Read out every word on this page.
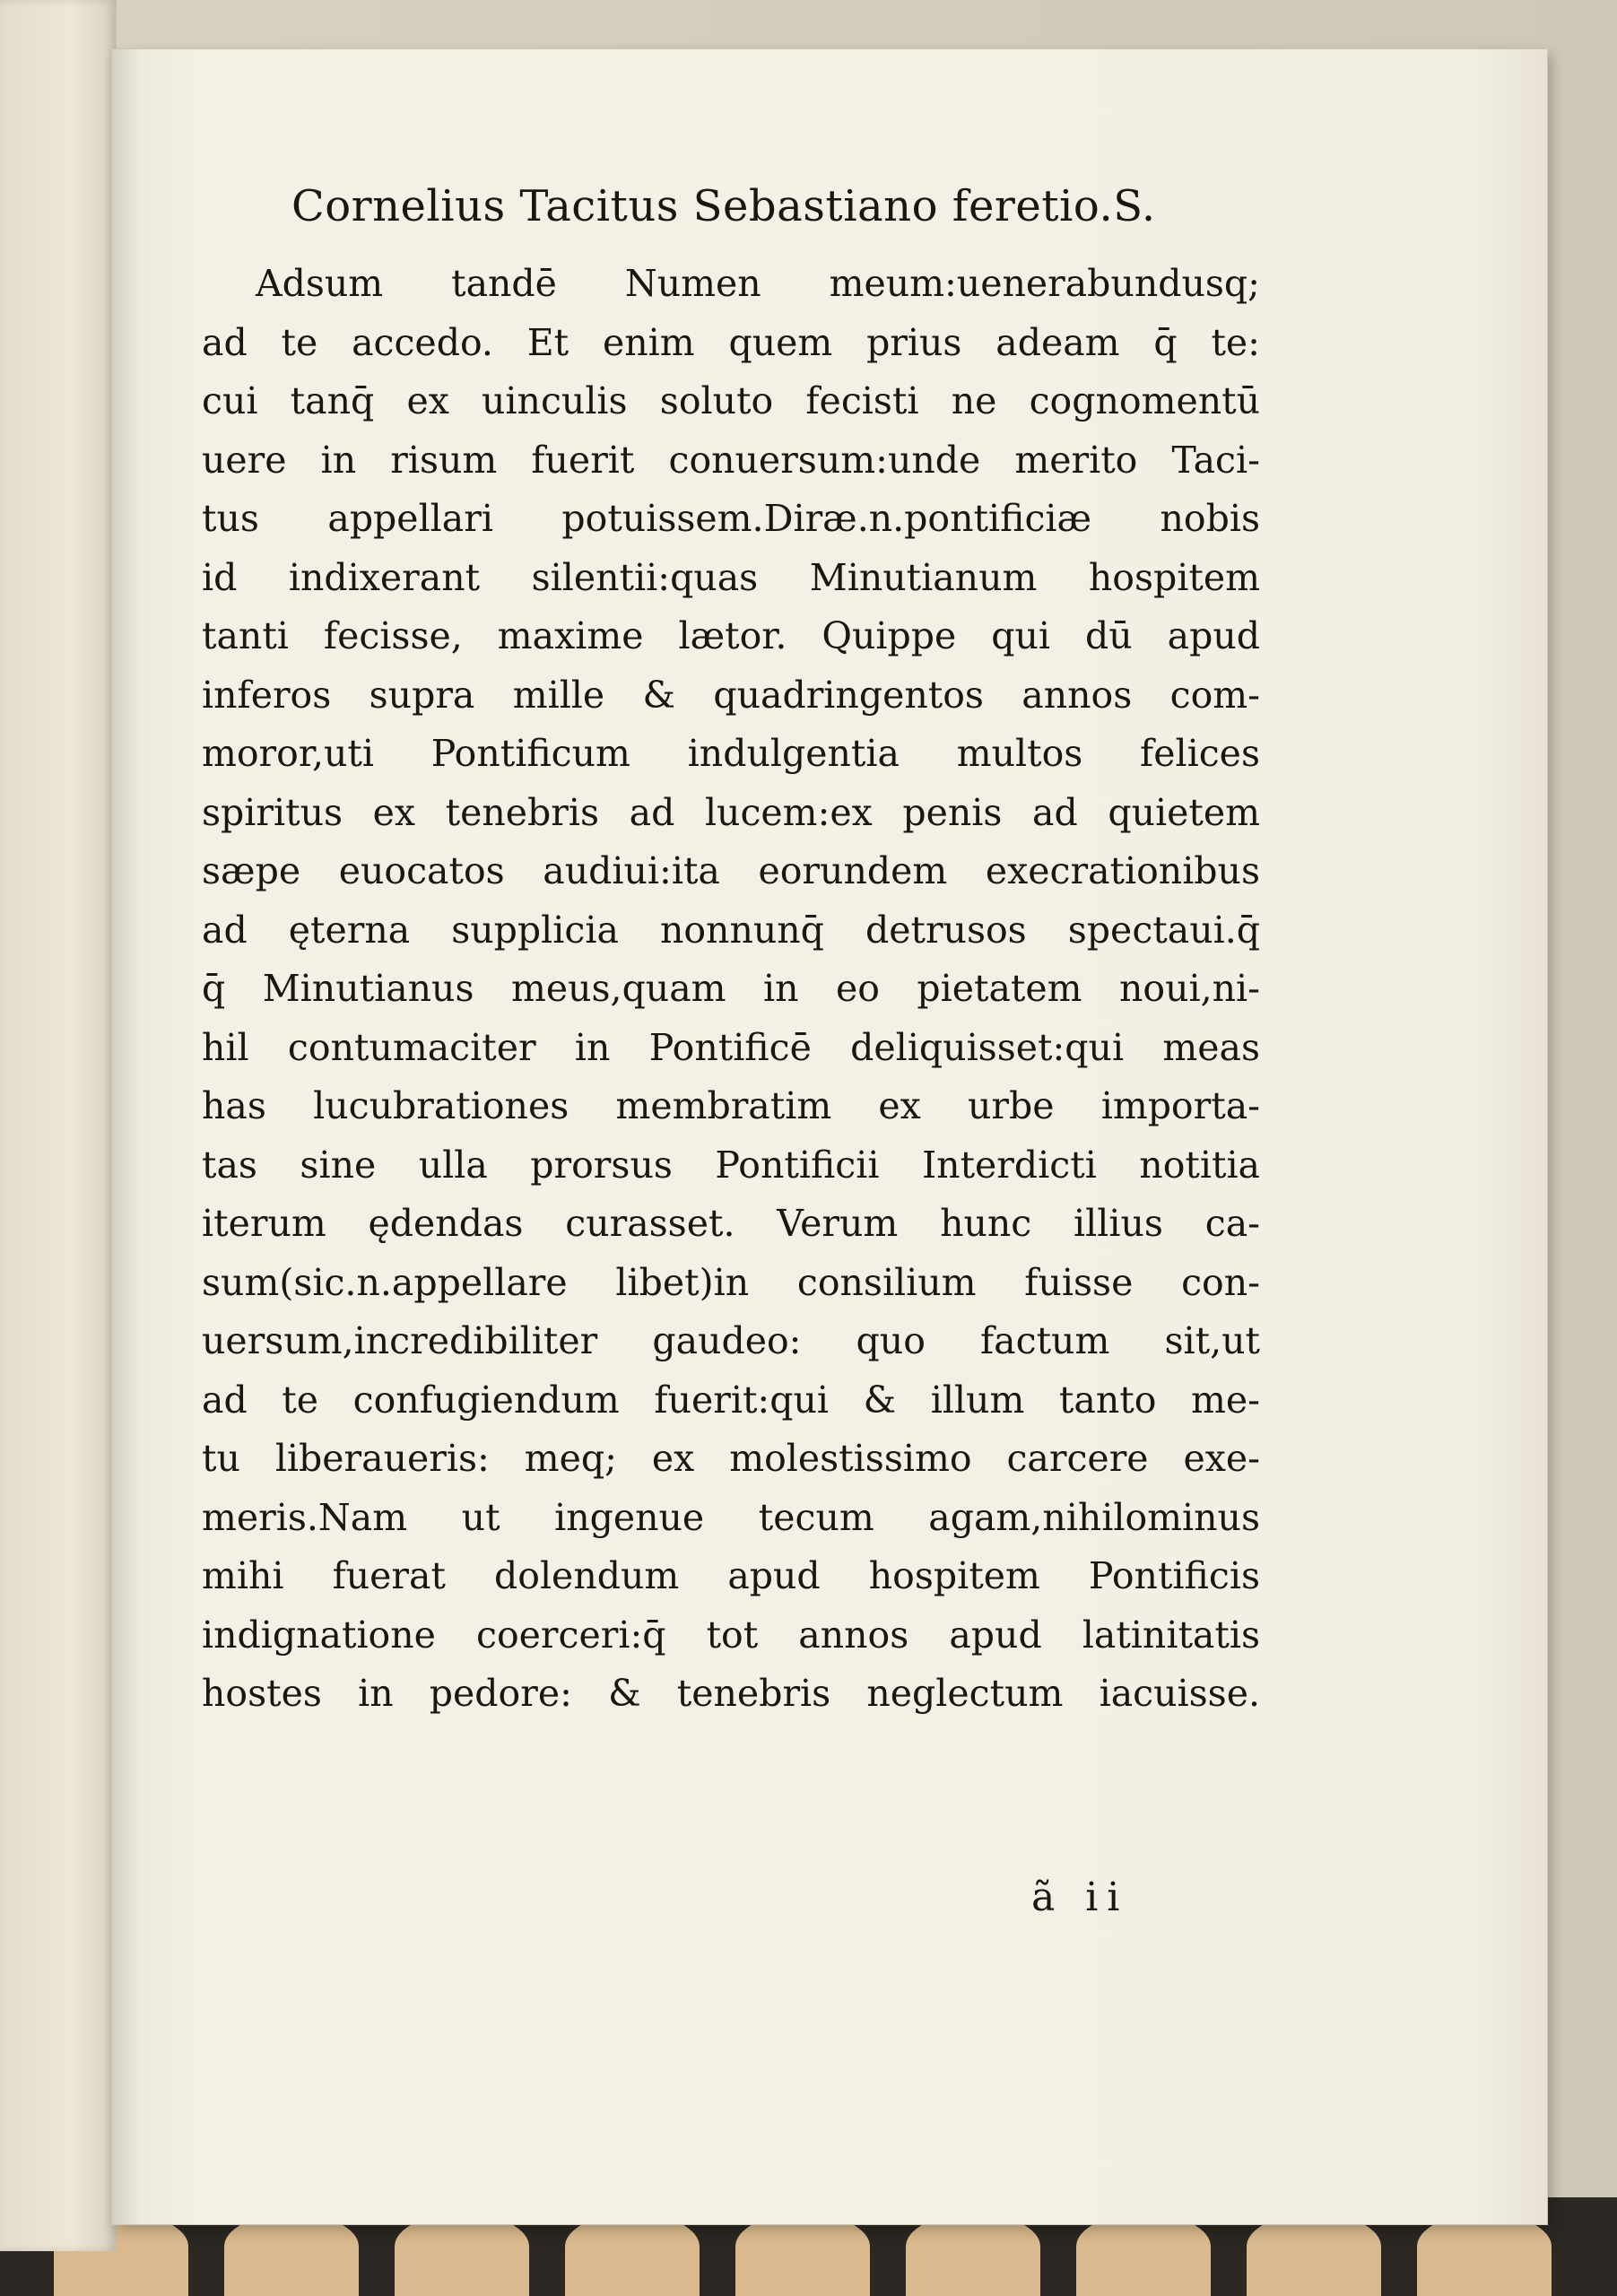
Cornelius Tacitus Sebastiano feretio.S.
Adsum tandē Numen meum:uenerabundusq;
ad te accedo. Et enim quem prius adeam q̄ te:
cui tanq̄ ex uinculis soluto fecisti ne cognomentū
uere in risum fuerit conuersum:unde merito Taci-
tus appellari potuissem.Diræ.n.pontificiæ nobis
id indixerant silentii:quas Minutianum hospitem
tanti fecisse, maxime lætor. Quippe qui dū apud
inferos supra mille & quadringentos annos com-
moror,uti Pontificum indulgentia multos felices
spiritus ex tenebris ad lucem:ex penis ad quietem
sæpe euocatos audiui:ita eorundem execrationibus
ad ęterna supplicia nonnunq̄ detrusos spectaui.q̄
q̄ Minutianus meus,quam in eo pietatem noui,ni-
hil contumaciter in Pontificē deliquisset:qui meas
has lucubrationes membratim ex urbe importa-
tas sine ulla prorsus Pontificii Interdicti notitia
iterum ędendas curasset. Verum hunc illius ca-
sum(sic.n.appellare libet)in consilium fuisse con-
uersum,incredibiliter gaudeo: quo factum sit,ut
ad te confugiendum fuerit:qui & illum tanto me-
tu liberaueris: meq; ex molestissimo carcere exe-
meris.Nam ut ingenue tecum agam,nihilominus
mihi fuerat dolendum apud hospitem Pontificis
indignatione coerceri:q̄ tot annos apud latinitatis
hostes in pedore: & tenebris neglectum iacuisse.
ã ii
